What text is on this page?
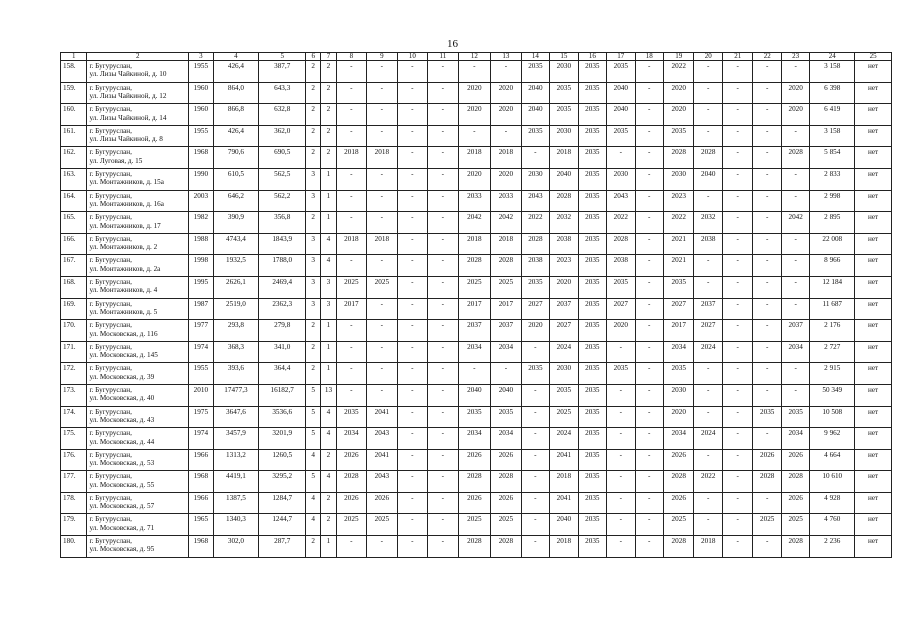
16
1	2	3	4	5	6	7	8	9	10	11	12	13	14	15	16	17	18	19	20	21	22	23	24	25
158.	г. Бугуруслан,
ул. Лизы Чайкиной, д. 10	1955	426,4	387,7	2	2	-	-	-	-	-	-	2035	2030	2035	2035	-	2022	-	-	-	-	3 158	нет
159.	г. Бугуруслан,
ул. Лизы Чайкиной, д. 12	1960	864,0	643,3	2	2	-	-	-	-	2020	2020	2040	2035	2035	2040	-	2020	-	-	-	2020	6 398	нет
160.	г. Бугуруслан,
ул. Лизы Чайкиной, д. 14	1960	866,8	632,8	2	2	-	-	-	-	2020	2020	2040	2035	2035	2040	-	2020	-	-	-	2020	6 419	нет
161.	г. Бугуруслан,
ул. Лизы Чайкиной, д. 8	1955	426,4	362,0	2	2	-	-	-	-	-	-	2035	2030	2035	2035	-	2035	-	-	-	-	3 158	нет
162.	г. Бугуруслан,
ул. Луговая, д. 15	1968	790,6	690,5	2	2	2018	2018	-	-	2018	2018	-	2018	2035	-	-	2028	2028	-	-	2028	5 854	нет
163.	г. Бугуруслан,
ул. Монтажников, д. 15а	1990	610,5	562,5	3	1	-	-	-	-	2020	2020	2030	2040	2035	2030	-	2030	2040	-	-	-	2 833	нет
164.	г. Бугуруслан,
ул. Монтажников, д. 16а	2003	646,2	562,2	3	1	-	-	-	-	2033	2033	2043	2028	2035	2043	-	2023	-	-	-	-	2 998	нет
165.	г. Бугуруслан,
ул. Монтажников, д. 17	1982	390,9	356,8	2	1	-	-	-	-	2042	2042	2022	2032	2035	2022	-	2022	2032	-	-	2042	2 895	нет
166.	г. Бугуруслан,
ул. Монтажников, д. 2	1988	4743,4	1843,9	3	4	2018	2018	-	-	2018	2018	2028	2038	2035	2028	-	2021	2038	-	-	-	22 008	нет
167.	г. Бугуруслан,
ул. Монтажников, д. 2а	1998	1932,5	1788,0	3	4	-	-	-	-	2028	2028	2038	2023	2035	2038	-	2021	-	-	-	-	8 966	нет
168.	г. Бугуруслан,
ул. Монтажников, д. 4	1995	2626,1	2469,4	3	3	2025	2025	-	-	2025	2025	2035	2020	2035	2035	-	2035	-	-	-	-	12 184	нет
169.	г. Бугуруслан,
ул. Монтажников, д. 5	1987	2519,0	2362,3	3	3	2017	-	-	-	2017	2017	2027	2037	2035	2027	-	2027	2037	-	-	-	11 687	нет
170.	г. Бугуруслан,
ул. Московская, д. 116	1977	293,8	279,8	2	1	-	-	-	-	2037	2037	2020	2027	2035	2020	-	2017	2027	-	-	2037	2 176	нет
171.	г. Бугуруслан,
ул. Московская, д. 145	1974	368,3	341,0	2	1	-	-	-	-	2034	2034	-	2024	2035	-	-	2034	2024	-	-	2034	2 727	нет
172.	г. Бугуруслан,
ул. Московская, д. 39	1955	393,6	364,4	2	1	-	-	-	-	-	-	2035	2030	2035	2035	-	2035	-	-	-	-	2 915	нет
173.	г. Бугуруслан,
ул. Московская, д. 40	2010	17477,3	16182,7	5	13	-	-	-	-	2040	2040	-	2035	2035	-	-	2030	-	-	-	-	50 349	нет
174.	г. Бугуруслан,
ул. Московская, д. 43	1975	3647,6	3536,6	5	4	2035	2041	-	-	2035	2035	-	2025	2035	-	-	2020	-	-	2035	2035	10 508	нет
175.	г. Бугуруслан,
ул. Московская, д. 44	1974	3457,9	3201,9	5	4	2034	2043	-	-	2034	2034	-	2024	2035	-	-	2034	2024	-	-	2034	9 962	нет
176.	г. Бугуруслан,
ул. Московская, д. 53	1966	1313,2	1260,5	4	2	2026	2041	-	-	2026	2026	-	2041	2035	-	-	2026	-	-	2026	2026	4 664	нет
177.	г. Бугуруслан,
ул. Московская, д. 55	1968	4419,1	3295,2	5	4	2028	2043	-	-	2028	2028	-	2018	2035	-	-	2028	2022	-	2028	2028	10 610	нет
178.	г. Бугуруслан,
ул. Московская, д. 57	1966	1387,5	1284,7	4	2	2026	2026	-	-	2026	2026	-	2041	2035	-	-	2026	-	-	-	2026	4 928	нет
179.	г. Бугуруслан,
ул. Московская, д. 71	1965	1340,3	1244,7	4	2	2025	2025	-	-	2025	2025	-	2040	2035	-	-	2025	-	-	2025	2025	4 760	нет
180.	г. Бугуруслан,
ул. Московская, д. 95	1968	302,0	287,7	2	1	-	-	-	-	2028	2028	-	2018	2035	-	-	2028	2018	-	-	2028	2 236	нет
